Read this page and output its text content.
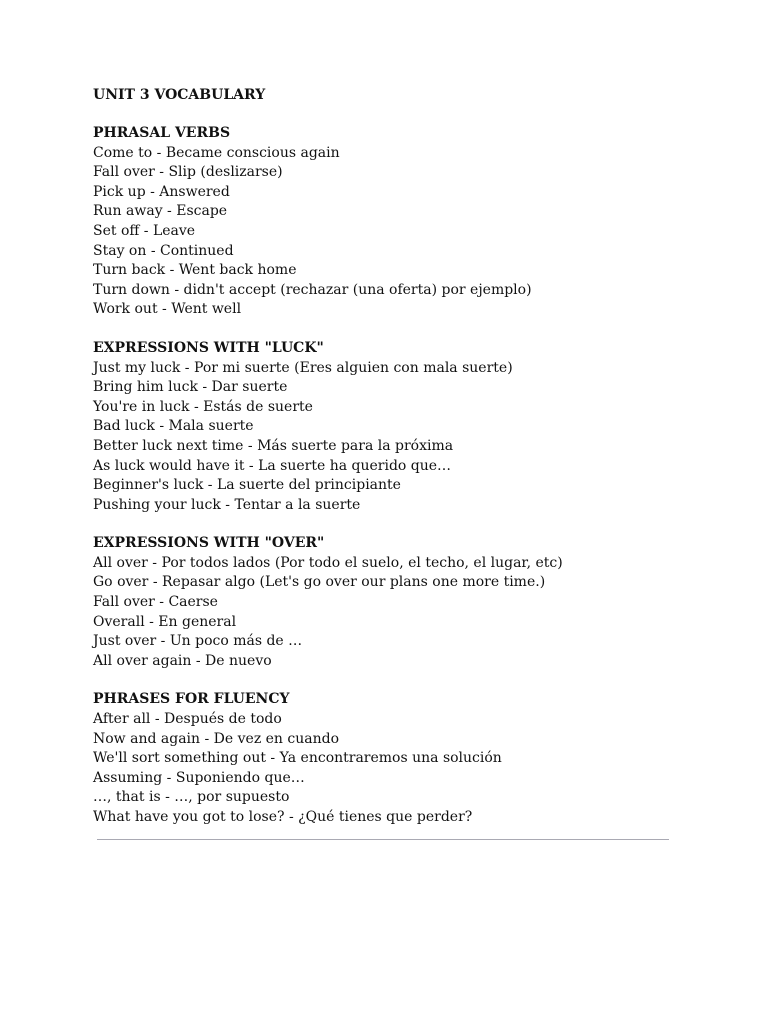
UNIT 3 VOCABULARY
PHRASAL VERBS
Come to - Became conscious again
Fall over - Slip (deslizarse)
Pick up - Answered
Run away - Escape
Set off - Leave
Stay on - Continued
Turn back - Went back home
Turn down - didn't accept (rechazar (una oferta) por ejemplo)
Work out - Went well
EXPRESSIONS WITH "LUCK"
Just my luck - Por mi suerte (Eres alguien con mala suerte)
Bring him luck - Dar suerte
You're in luck - Estás de suerte
Bad luck - Mala suerte
Better luck next time - Más suerte para la próxima
As luck would have it - La suerte ha querido que…
Beginner's luck - La suerte del principiante
Pushing your luck - Tentar a la suerte
EXPRESSIONS WITH "OVER"
All over - Por todos lados (Por todo el suelo, el techo, el lugar, etc)
Go over - Repasar algo (Let's go over our plans one more time.)
Fall over - Caerse
Overall - En general
Just over - Un poco más de …
All over again - De nuevo
PHRASES FOR FLUENCY
After all - Después de todo
Now and again - De vez en cuando
We'll sort something out - Ya encontraremos una solución
Assuming - Suponiendo que…
…, that is - …, por supuesto
What have you got to lose? - ¿Qué tienes que perder?
